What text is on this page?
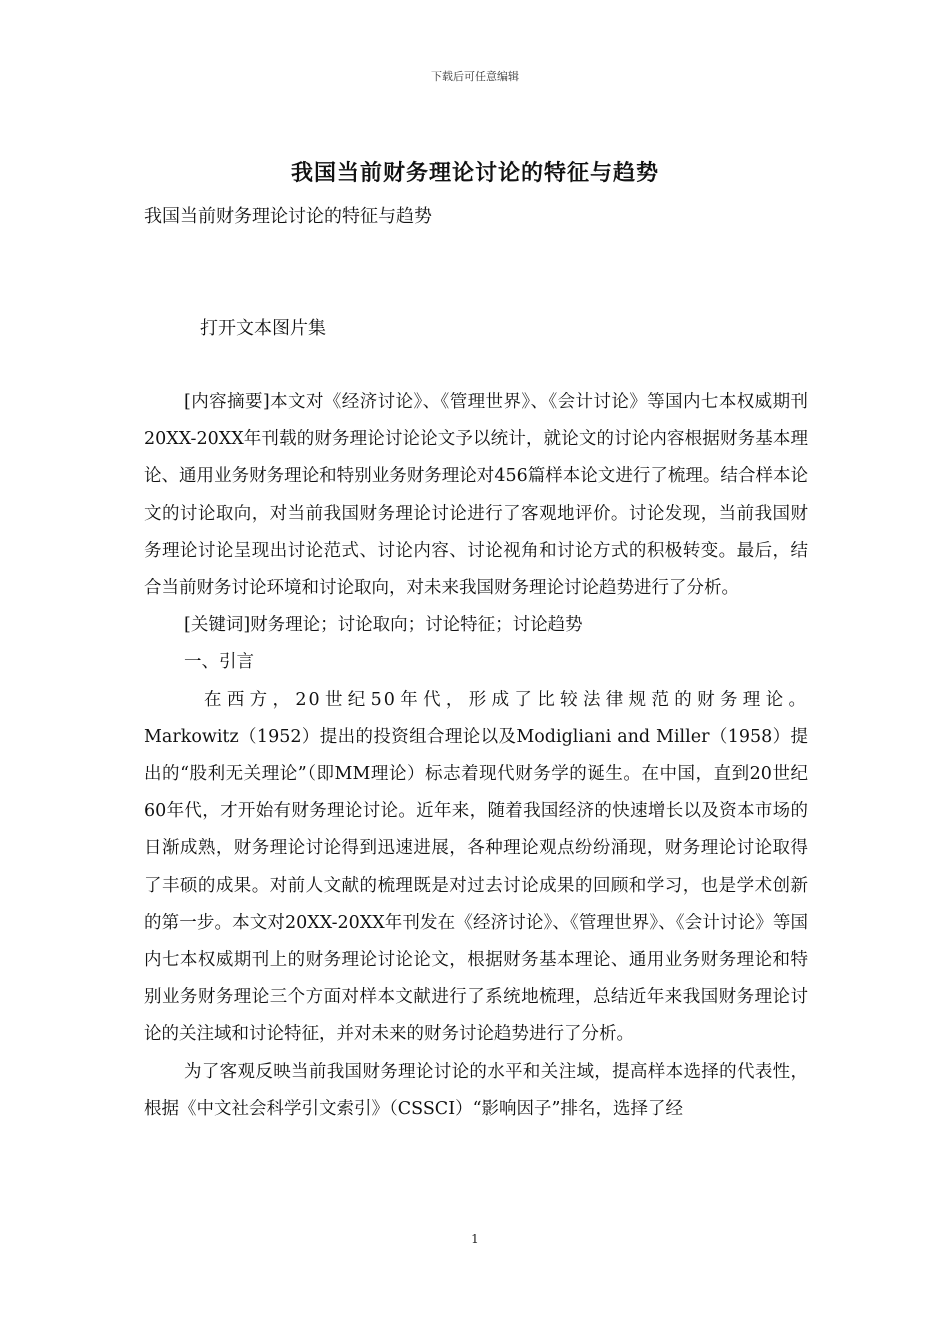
下载后可任意编辑
我国当前财务理论讨论的特征与趋势
我国当前财务理论讨论的特征与趋势
打开文本图片集

[内容摘要]本文对《经济讨论》、《管理世界》、《会计讨论》等国内七本权威期刊20XX-20XX年刊载的财务理论讨论论文予以统计，就论文的讨论内容根据财务基本理论、通用业务财务理论和特别业务财务理论对456篇样本论文进行了梳理。结合样本论文的讨论取向，对当前我国财务理论讨论进行了客观地评价。讨论发现，当前我国财务理论讨论呈现出讨论范式、讨论内容、讨论视角和讨论方式的积极转变。最后，结合当前财务讨论环境和讨论取向，对未来我国财务理论讨论趋势进行了分析。

[关键词]财务理论；讨论取向；讨论特征；讨论趋势

一、引言

在西方，20世纪50年代，形成了比较法律规范的财务理论。

Markowitz（1952）提出的投资组合理论以及Modigliani and Miller（1958）提出的“股利无关理论”（即MM理论）标志着现代财务学的诞生。在中国，直到20世纪60年代，才开始有财务理论讨论。近年来，随着我国经济的快速增长以及资本市场的日渐成熟，财务理论讨论得到迅速进展，各种理论观点纷纷涌现，财务理论讨论取得了丰硕的成果。对前人文献的梳理既是对过去讨论成果的回顾和学习，也是学术创新的第一步。本文对20XX-20XX年刊发在《经济讨论》、《管理世界》、《会计讨论》等国内七本权威期刊上的财务理论讨论论文，根据财务基本理论、通用业务财务理论和特别业务财务理论三个方面对样本文献进行了系统地梳理，总结近年来我国财务理论讨论的关注域和讨论特征，并对未来的财务讨论趋势进行了分析。

为了客观反映当前我国财务理论讨论的水平和关注域，提高样本选择的代表性，根据《中文社会科学引文索引》（CSSCI）“影响因子”排名，选择了经

1
